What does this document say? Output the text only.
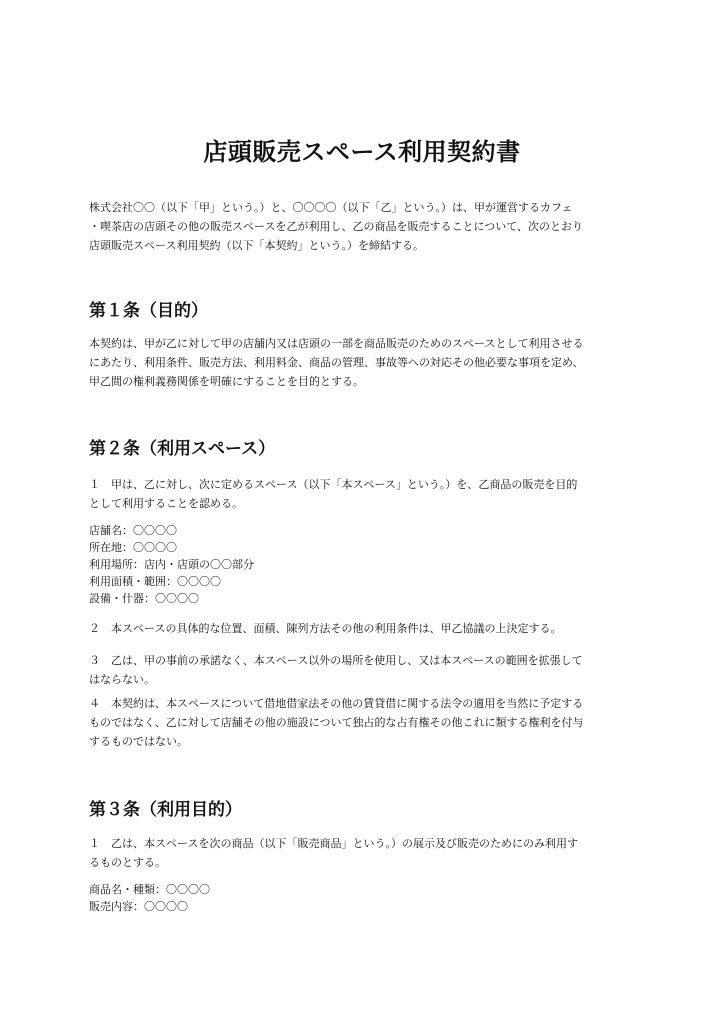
店頭販売スペース利用契約書

株式会社〇〇（以下「甲」という。）と、〇〇〇〇（以下「乙」という。）は、甲が運営するカフェ
・喫茶店の店頭その他の販売スペースを乙が利用し、乙の商品を販売することについて、次のとおり
店頭販売スペース利用契約（以下「本契約」という。）を締結する。

第１条（目的）

本契約は、甲が乙に対して甲の店舗内又は店頭の一部を商品販売のためのスペースとして利用させる
にあたり、利用条件、販売方法、利用料金、商品の管理、事故等への対応その他必要な事項を定め、
甲乙間の権利義務関係を明確にすることを目的とする。

第２条（利用スペース）

１　甲は、乙に対し、次に定めるスペース（以下「本スペース」という。）を、乙商品の販売を目的
として利用することを認める。

店舗名：〇〇〇〇
所在地：〇〇〇〇
利用場所：店内・店頭の〇〇部分
利用面積・範囲：〇〇〇〇
設備・什器：〇〇〇〇

２　本スペースの具体的な位置、面積、陳列方法その他の利用条件は、甲乙協議の上決定する。

３　乙は、甲の事前の承諾なく、本スペース以外の場所を使用し、又は本スペースの範囲を拡張して
はならない。

４　本契約は、本スペースについて借地借家法その他の賃貸借に関する法令の適用を当然に予定する
ものではなく、乙に対して店舗その他の施設について独占的な占有権その他これに類する権利を付与
するものではない。

第３条（利用目的）

１　乙は、本スペースを次の商品（以下「販売商品」という。）の展示及び販売のためにのみ利用す
るものとする。

商品名・種類：〇〇〇〇
販売内容：〇〇〇〇
